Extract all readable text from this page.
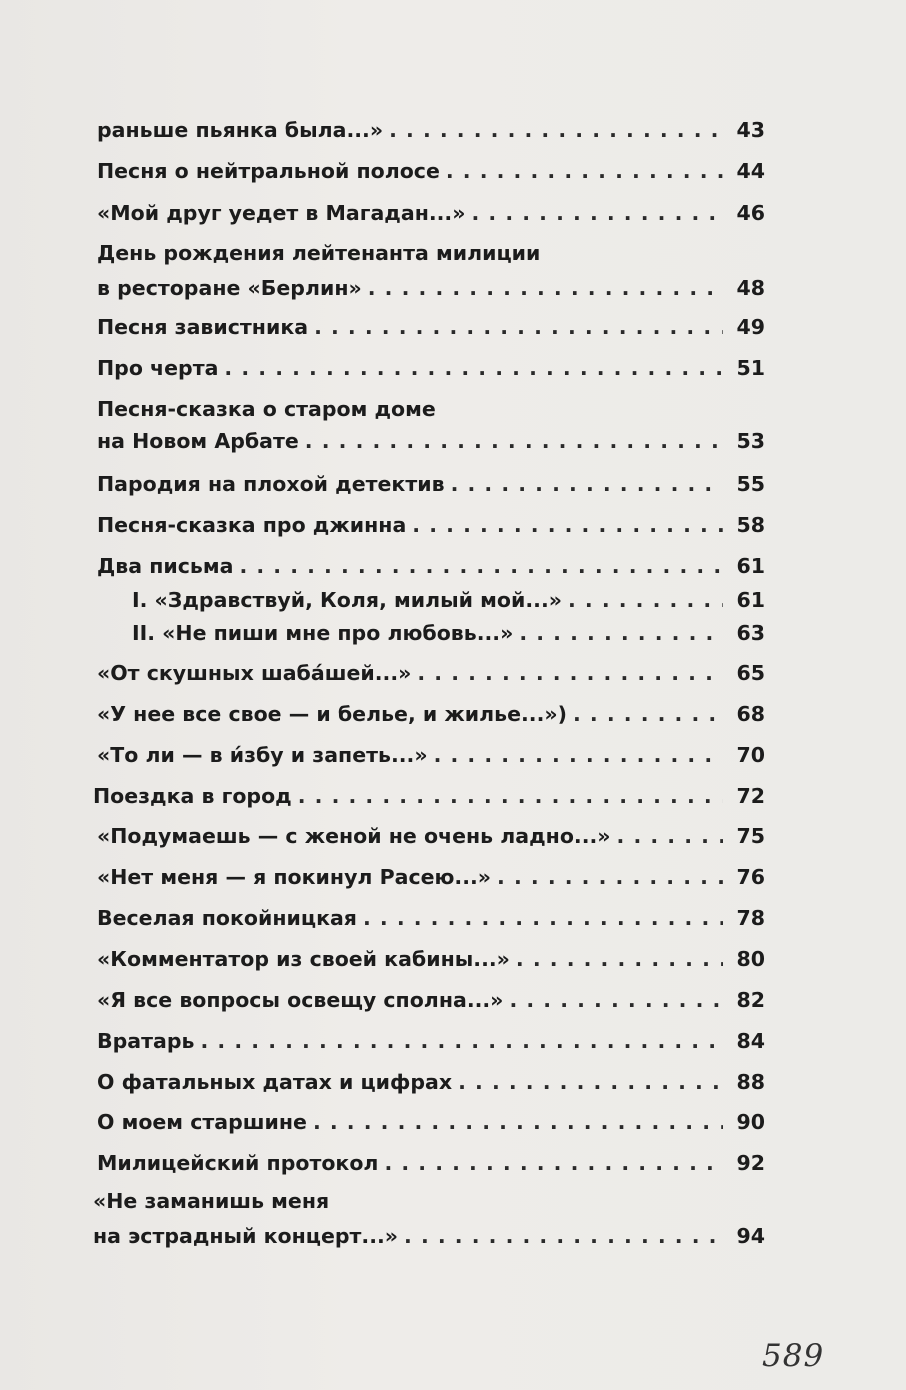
раньше пьянка была...» . . .	43
Песня о нейтральной полосе . . .	44
«Мой друг уедет в Магадан...» . . .	46
День рождения лейтенанта милиции
в ресторане «Берлин» . . .	48
Песня завистника . . .	49
Про черта . . .	51
Песня-сказка о старом доме
на Новом Арбате . . .	53
Пародия на плохой детектив . . .	55
Песня-сказка про джинна . . .	58
Два письма . . .	61
I. «Здравствуй, Коля, милый мой...» . . .	61
II. «Не пиши мне про любовь...» . . .	63
«От скушных шаба́шей...» . . .	65
«У нее все свое — и белье, и жилье...») . . .	68
«То ли — в и́збу и запеть...» . . .	70
Поездка в город . . .	72
«Подумаешь — с женой не очень ладно...» . . .	75
«Нет меня — я покинул Расею...» . . .	76
Веселая покойницкая . . .	78
«Комментатор из своей кабины...» . . .	80
«Я все вопросы освещу сполна...» . . .	82
Вратарь . . .	84
О фатальных датах и цифрах . . .	88
О моем старшине . . .	90
Милицейский протокол . . .	92
«Не заманишь меня
на эстрадный концерт...» . . .	94
589
